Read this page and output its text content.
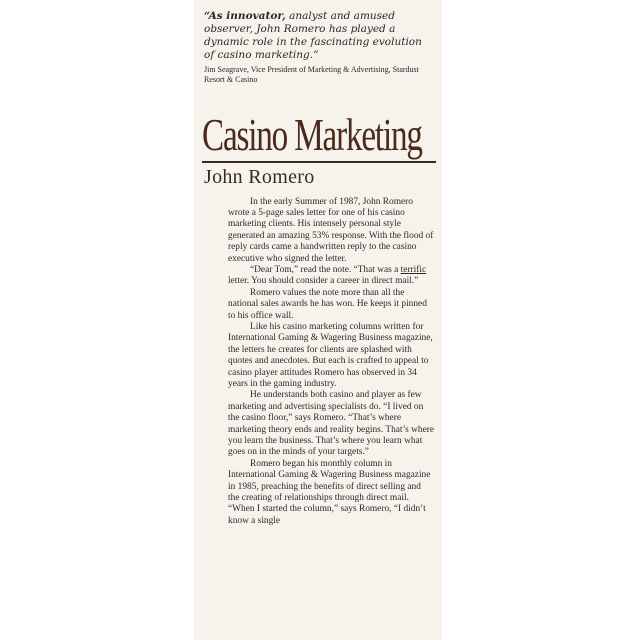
“As innovator, analyst and amused observer, John Romero has played a dynamic role in the fascinating evolution of casino marketing.”
Jim Seagrave, Vice President of Marketing & Advertising, Stardust Resort & Casino
Casino Marketing
John Romero

In the early Summer of 1987, John Romero wrote a 5-page sales letter for one of his casino marketing clients. His intensely personal style generated an amazing 53% response. With the flood of reply cards came a handwritten reply to the casino executive who signed the letter.

“Dear Tom,” read the note. “That was a terrific letter. You should consider a career in direct mail.”

Romero values the note more than all the national sales awards he has won. He keeps it pinned to his office wall.

Like his casino marketing columns written for International Gaming & Wagering Business magazine, the letters he creates for clients are splashed with quotes and anecdotes. But each is crafted to appeal to casino player attitudes Romero has observed in 34 years in the gaming industry.

He understands both casino and player as few marketing and advertising specialists do. “I lived on the casino floor,” says Romero. “That’s where marketing theory ends and reality begins. That’s where you learn the business. That’s where you learn what goes on in the minds of your targets.”

Romero began his monthly column in International Gaming & Wagering Business magazine in 1985, preaching the benefits of direct selling and the creating of relationships through direct mail. “When I started the column,” says Romero, “I didn’t know a single
